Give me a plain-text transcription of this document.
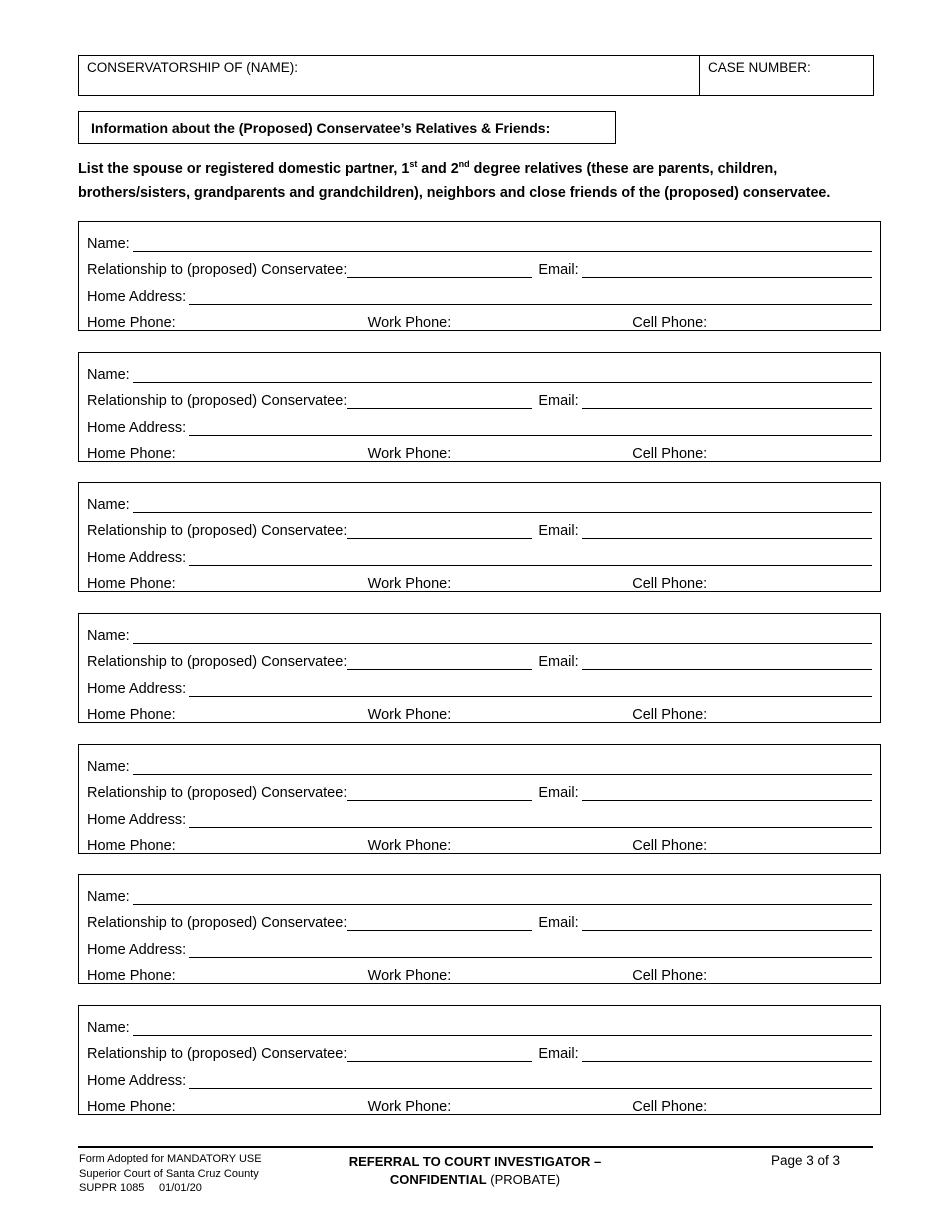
CONSERVATORSHIP OF (NAME):	CASE NUMBER:
Information about the (Proposed) Conservatee’s Relatives & Friends:
List the spouse or registered domestic partner, 1st and 2nd degree relatives (these are parents, children, brothers/sisters, grandparents and grandchildren), neighbors and close friends of the (proposed) conservatee.
Name:
Relationship to (proposed) Conservatee:	Email:
Home Address:
Home Phone:	Work Phone:	Cell Phone:
Name:
Relationship to (proposed) Conservatee:	Email:
Home Address:
Home Phone:	Work Phone:	Cell Phone:
Name:
Relationship to (proposed) Conservatee:	Email:
Home Address:
Home Phone:	Work Phone:	Cell Phone:
Name:
Relationship to (proposed) Conservatee:	Email:
Home Address:
Home Phone:	Work Phone:	Cell Phone:
Name:
Relationship to (proposed) Conservatee:	Email:
Home Address:
Home Phone:	Work Phone:	Cell Phone:
Name:
Relationship to (proposed) Conservatee:	Email:
Home Address:
Home Phone:	Work Phone:	Cell Phone:
Name:
Relationship to (proposed) Conservatee:	Email:
Home Address:
Home Phone:	Work Phone:	Cell Phone:
Form Adopted for MANDATORY USE
Superior Court of Santa Cruz County
SUPPR 1085 01/01/20
REFERRAL TO COURT INVESTIGATOR –
CONFIDENTIAL (PROBATE)
Page 3 of 3
